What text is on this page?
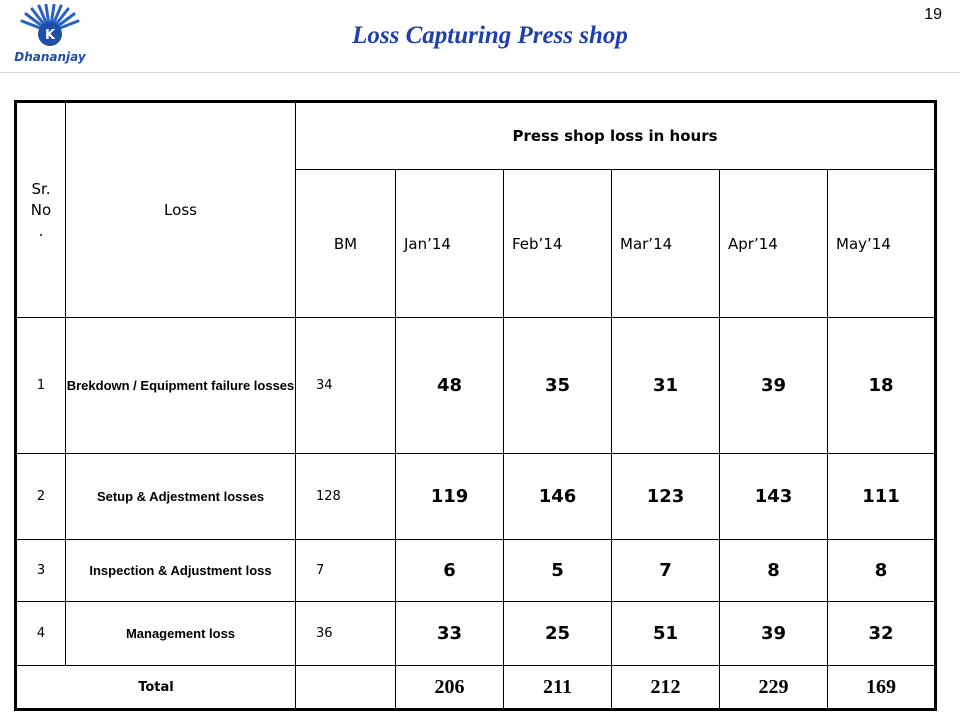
K
Dhananjay
Loss Capturing Press shop
19
Sr.
No
.	Loss	Press shop loss in hours					
		BM	Jan’14	Feb’14	Mar’14	Apr’14	May’14
1	Brekdown / Equipment failure losses	34	48	35	31	39	18
2	Setup & Adjestment losses	128	119	146	123	143	111
3	Inspection & Adjustment loss	7	6	5	7	8	8
4	Management loss	36	33	25	51	39	32
Total			206	211	212	229	169
